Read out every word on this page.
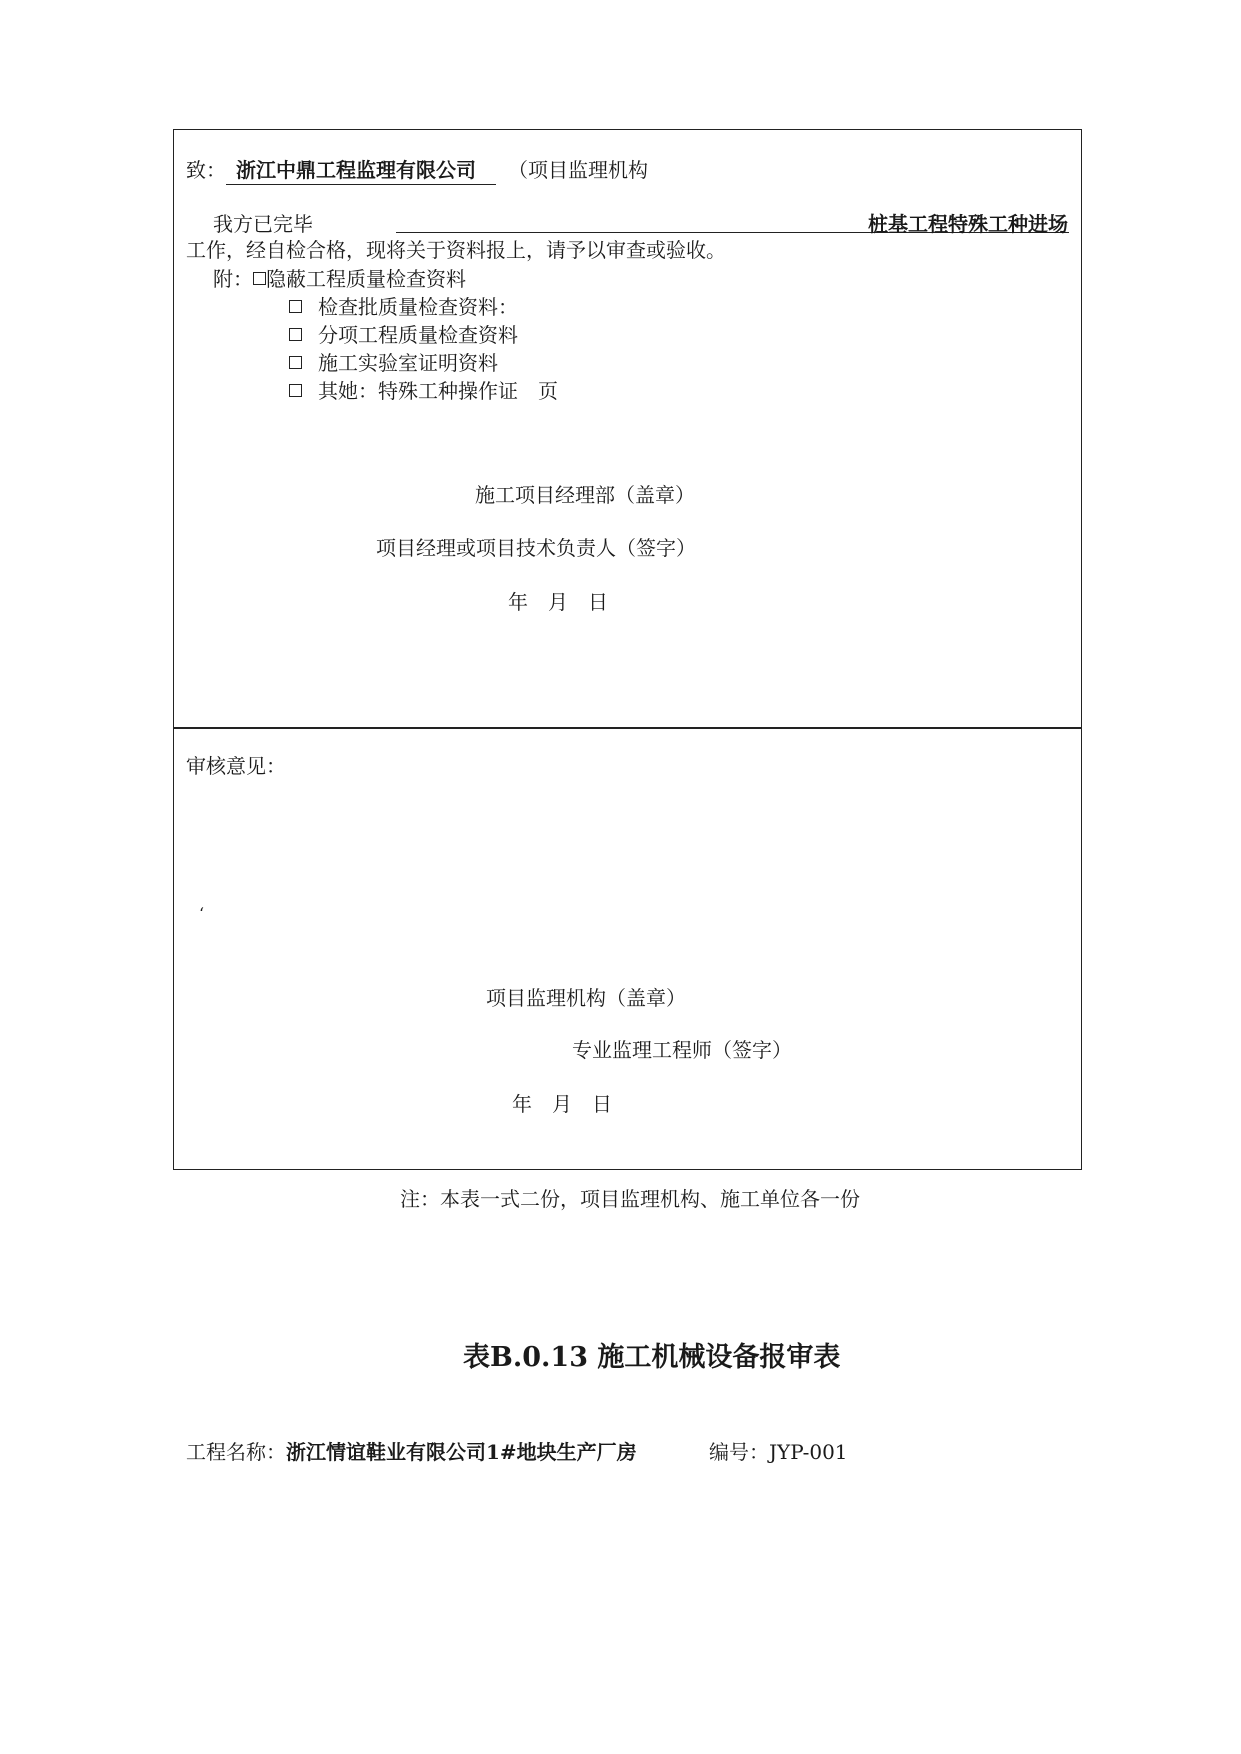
致： 浙江中鼎工程监理有限公司 （项目监理机构
我方已完毕	桩基工程特殊工种进场
工作，经自检合格，现将关于资料报上，请予以审查或验收。
附： 隐蔽工程质量检查资料
检查批质量检查资料：
分项工程质量检查资料
施工实验室证明资料
其她：特殊工种操作证　页
施工项目经理部（盖章）
项目经理或项目技术负责人（签字）
年　月　日
审核意见：
‘
项目监理机构（盖章）
专业监理工程师（签字）
年　月　日
注：本表一式二份，项目监理机构、施工单位各一份
表B.0.13 施工机械设备报审表
工程名称：浙江情谊鞋业有限公司1#地块生产厂房	编号：JYP-001
